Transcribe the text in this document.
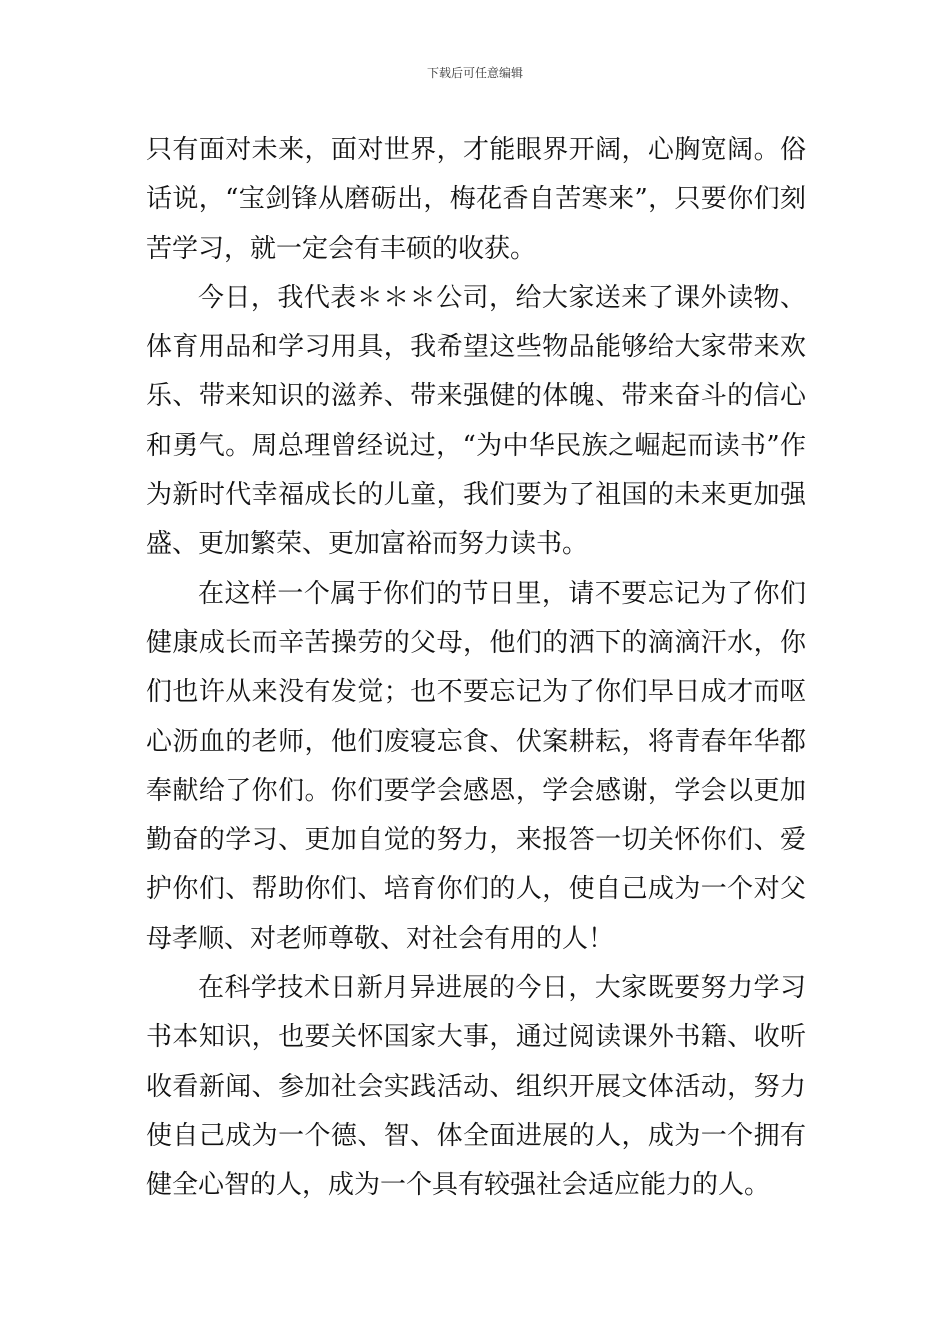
下载后可任意编辑

只有面对未来，面对世界，才能眼界开阔，心胸宽阔。俗话说，“宝剑锋从磨砺出，梅花香自苦寒来”，只要你们刻苦学习，就一定会有丰硕的收获。

今日，我代表＊＊＊公司，给大家送来了课外读物、体育用品和学习用具，我希望这些物品能够给大家带来欢乐、带来知识的滋养、带来强健的体魄、带来奋斗的信心和勇气。周总理曾经说过，“为中华民族之崛起而读书”作为新时代幸福成长的儿童，我们要为了祖国的未来更加强盛、更加繁荣、更加富裕而努力读书。

在这样一个属于你们的节日里，请不要忘记为了你们健康成长而辛苦操劳的父母，他们的洒下的滴滴汗水，你们也许从来没有发觉；也不要忘记为了你们早日成才而呕心沥血的老师，他们废寝忘食、伏案耕耘，将青春年华都奉献给了你们。你们要学会感恩，学会感谢，学会以更加勤奋的学习、更加自觉的努力，来报答一切关怀你们、爱护你们、帮助你们、培育你们的人，使自己成为一个对父母孝顺、对老师尊敬、对社会有用的人！

在科学技术日新月异进展的今日，大家既要努力学习书本知识，也要关怀国家大事，通过阅读课外书籍、收听收看新闻、参加社会实践活动、组织开展文体活动，努力使自己成为一个德、智、体全面进展的人，成为一个拥有健全心智的人，成为一个具有较强社会适应能力的人。
